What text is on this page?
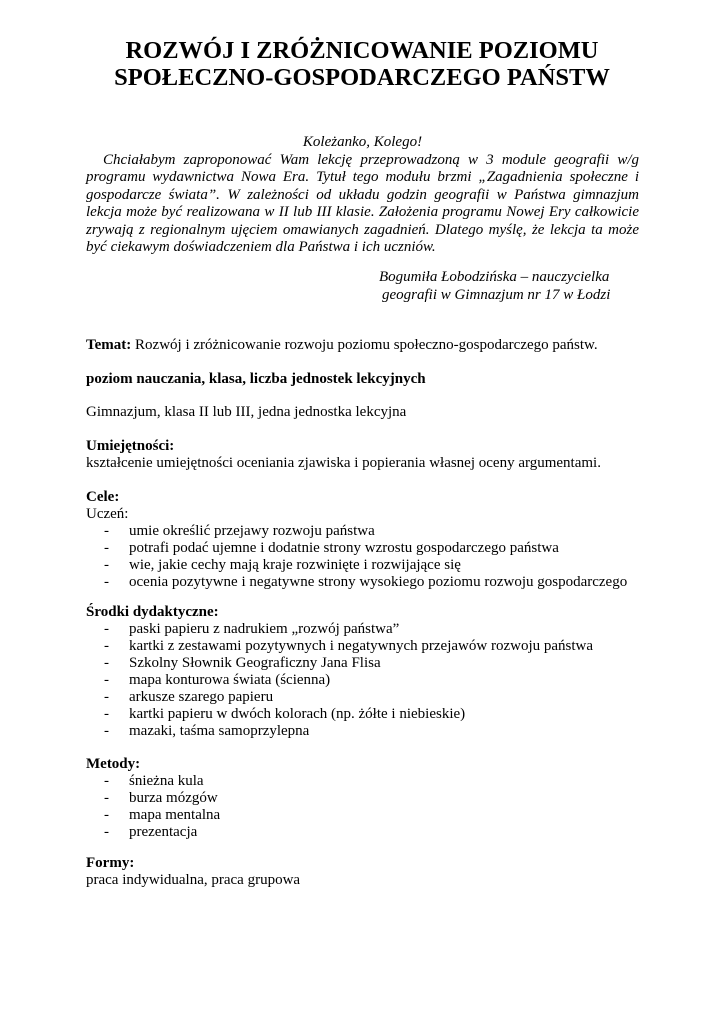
ROZWÓJ I ZRÓŻNICOWANIE POZIOMU
SPOŁECZNO-GOSPODARCZEGO PAŃSTW
Koleżanko, Kolego!

Chciałabym zaproponować Wam lekcję przeprowadzoną w 3 module geografii w/g programu wydawnictwa Nowa Era. Tytuł tego modułu brzmi „Zagadnienia społeczne i gospodarcze świata”. W zależności od układu godzin geografii w Państwa gimnazjum lekcja może być realizowana w II lub III klasie. Założenia programu Nowej Ery całkowicie zrywają z regionalnym ujęciem omawianych zagadnień. Dlatego myślę, że lekcja ta może być ciekawym doświadczeniem dla Państwa i ich uczniów.

Bogumiła Łobodzińska – nauczycielka
geografii w Gimnazjum nr 17 w Łodzi
Temat: Rozwój i zróżnicowanie rozwoju poziomu społeczno-gospodarczego państw.
poziom nauczania, klasa, liczba jednostek lekcyjnych
Gimnazjum, klasa II lub III, jedna jednostka lekcyjna
Umiejętności:
kształcenie umiejętności oceniania zjawiska i popierania własnej oceny argumentami.
Cele:
Uczeń:
- umie określić przejawy rozwoju państwa
- potrafi podać ujemne i dodatnie strony wzrostu gospodarczego państwa
- wie, jakie cechy mają kraje rozwinięte i rozwijające się
- ocenia pozytywne i negatywne strony wysokiego poziomu rozwoju gospodarczego
Środki dydaktyczne:
- paski papieru z nadrukiem „rozwój państwa”
- kartki z zestawami pozytywnych i negatywnych przejawów rozwoju państwa
- Szkolny Słownik Geograficzny Jana Flisa
- mapa konturowa świata (ścienna)
- arkusze szarego papieru
- kartki papieru w dwóch kolorach (np. żółte i niebieskie)
- mazaki, taśma samoprzylepna
Metody:
- śnieżna kula
- burza mózgów
- mapa mentalna
- prezentacja
Formy:
praca indywidualna, praca grupowa
